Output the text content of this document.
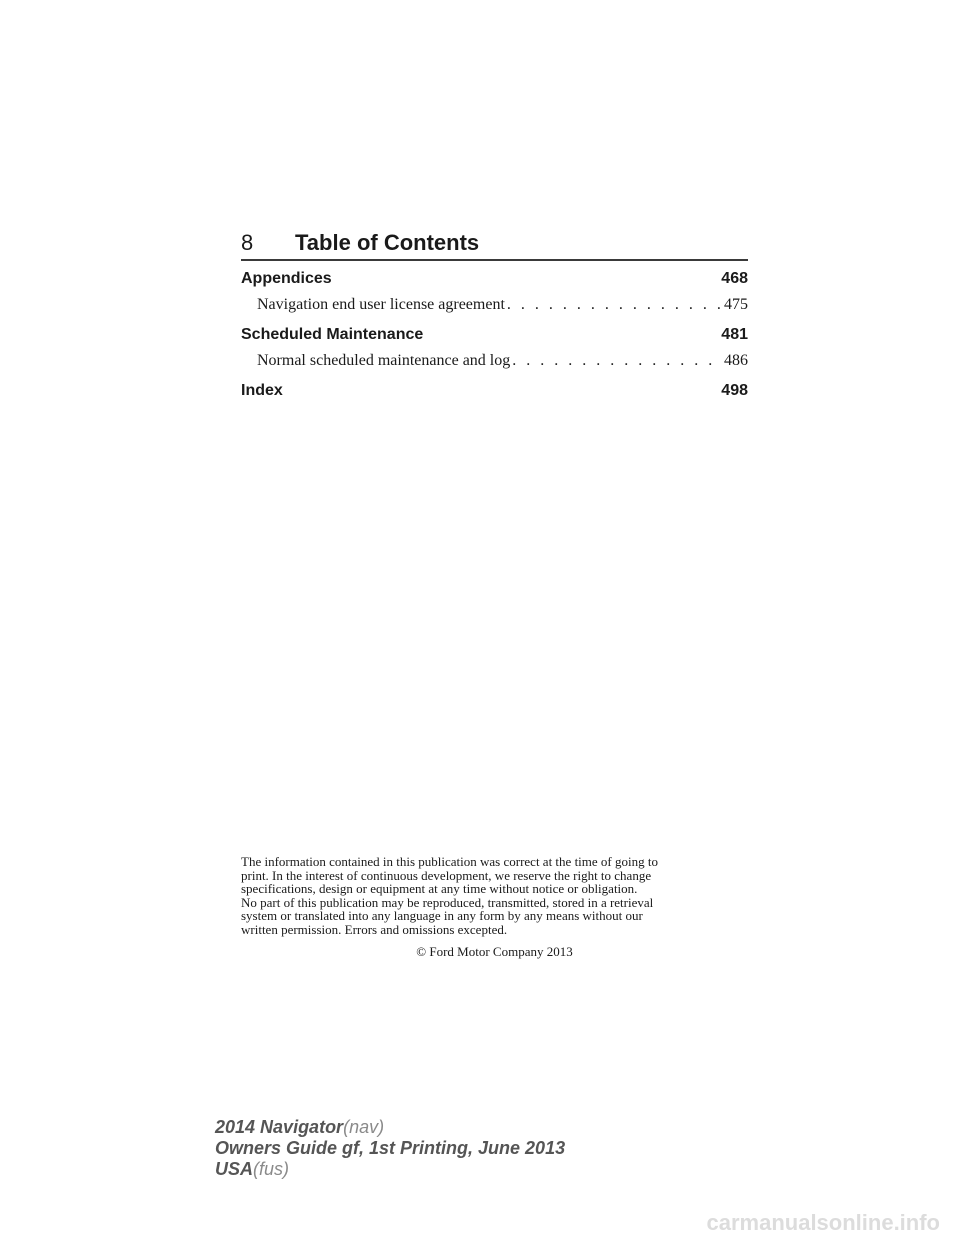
8 Table of Contents
Appendices	468
Navigation end user license agreement . . .	475
Scheduled Maintenance	481
Normal scheduled maintenance and log . . .	486
Index	498

The information contained in this publication was correct at the time of going to

print. In the interest of continuous development, we reserve the right to change

specifications, design or equipment at any time without notice or obligation.

No part of this publication may be reproduced, transmitted, stored in a retrieval

system or translated into any language in any form by any means without our

written permission. Errors and omissions excepted.

© Ford Motor Company 2013
2014 Navigator(nav)
Owners Guide gf, 1st Printing, June 2013
USA(fus)
carmanualsonline.info
